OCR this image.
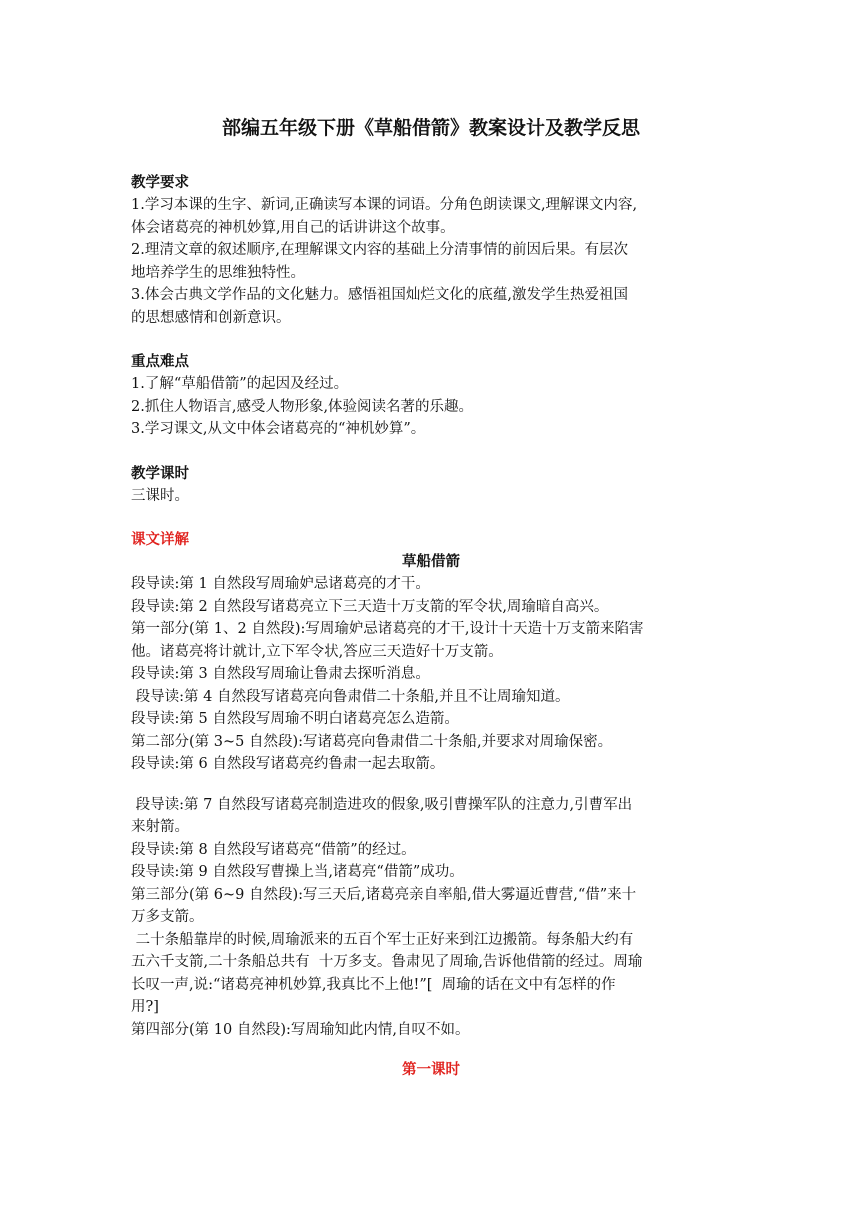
部编五年级下册《草船借箭》教案设计及教学反思

教学要求

1.学习本课的生字、新词,正确读写本课的词语。分角色朗读课文,理解课文内容,

体会诸葛亮的神机妙算,用自己的话讲讲这个故事。

2.理清文章的叙述顺序,在理解课文内容的基础上分清事情的前因后果。有层次

地培养学生的思维独特性。

3.体会古典文学作品的文化魅力。感悟祖国灿烂文化的底蕴,激发学生热爱祖国

的思想感情和创新意识。

重点难点

1.了解“草船借箭”的起因及经过。

2.抓住人物语言,感受人物形象,体验阅读名著的乐趣。

3.学习课文,从文中体会诸葛亮的“神机妙算”。

教学课时

三课时。

课文详解

草船借箭

段导读:第 1 自然段写周瑜妒忌诸葛亮的才干。

段导读:第 2 自然段写诸葛亮立下三天造十万支箭的军令状,周瑜暗自高兴。

第一部分(第 1、2 自然段):写周瑜妒忌诸葛亮的才干,设计十天造十万支箭来陷害

他。诸葛亮将计就计,立下军令状,答应三天造好十万支箭。

段导读:第 3 自然段写周瑜让鲁肃去探听消息。

段导读:第 4 自然段写诸葛亮向鲁肃借二十条船,并且不让周瑜知道。

段导读:第 5 自然段写周瑜不明白诸葛亮怎么造箭。

第二部分(第 3~5 自然段):写诸葛亮向鲁肃借二十条船,并要求对周瑜保密。

段导读:第 6 自然段写诸葛亮约鲁肃一起去取箭。

段导读:第 7 自然段写诸葛亮制造进攻的假象,吸引曹操军队的注意力,引曹军出

来射箭。

段导读:第 8 自然段写诸葛亮“借箭”的经过。

段导读:第 9 自然段写曹操上当,诸葛亮“借箭”成功。

第三部分(第 6~9 自然段):写三天后,诸葛亮亲自率船,借大雾逼近曹营,“借”来十

万多支箭。

二十条船靠岸的时候,周瑜派来的五百个军士正好来到江边搬箭。每条船大约有

五六千支箭,二十条船总共有  十万多支。鲁肃见了周瑜,告诉他借箭的经过。周瑜

长叹一声,说:“诸葛亮神机妙算,我真比不上他!”[  周瑜的话在文中有怎样的作

用?]

第四部分(第 10 自然段):写周瑜知此内情,自叹不如。

第一课时
